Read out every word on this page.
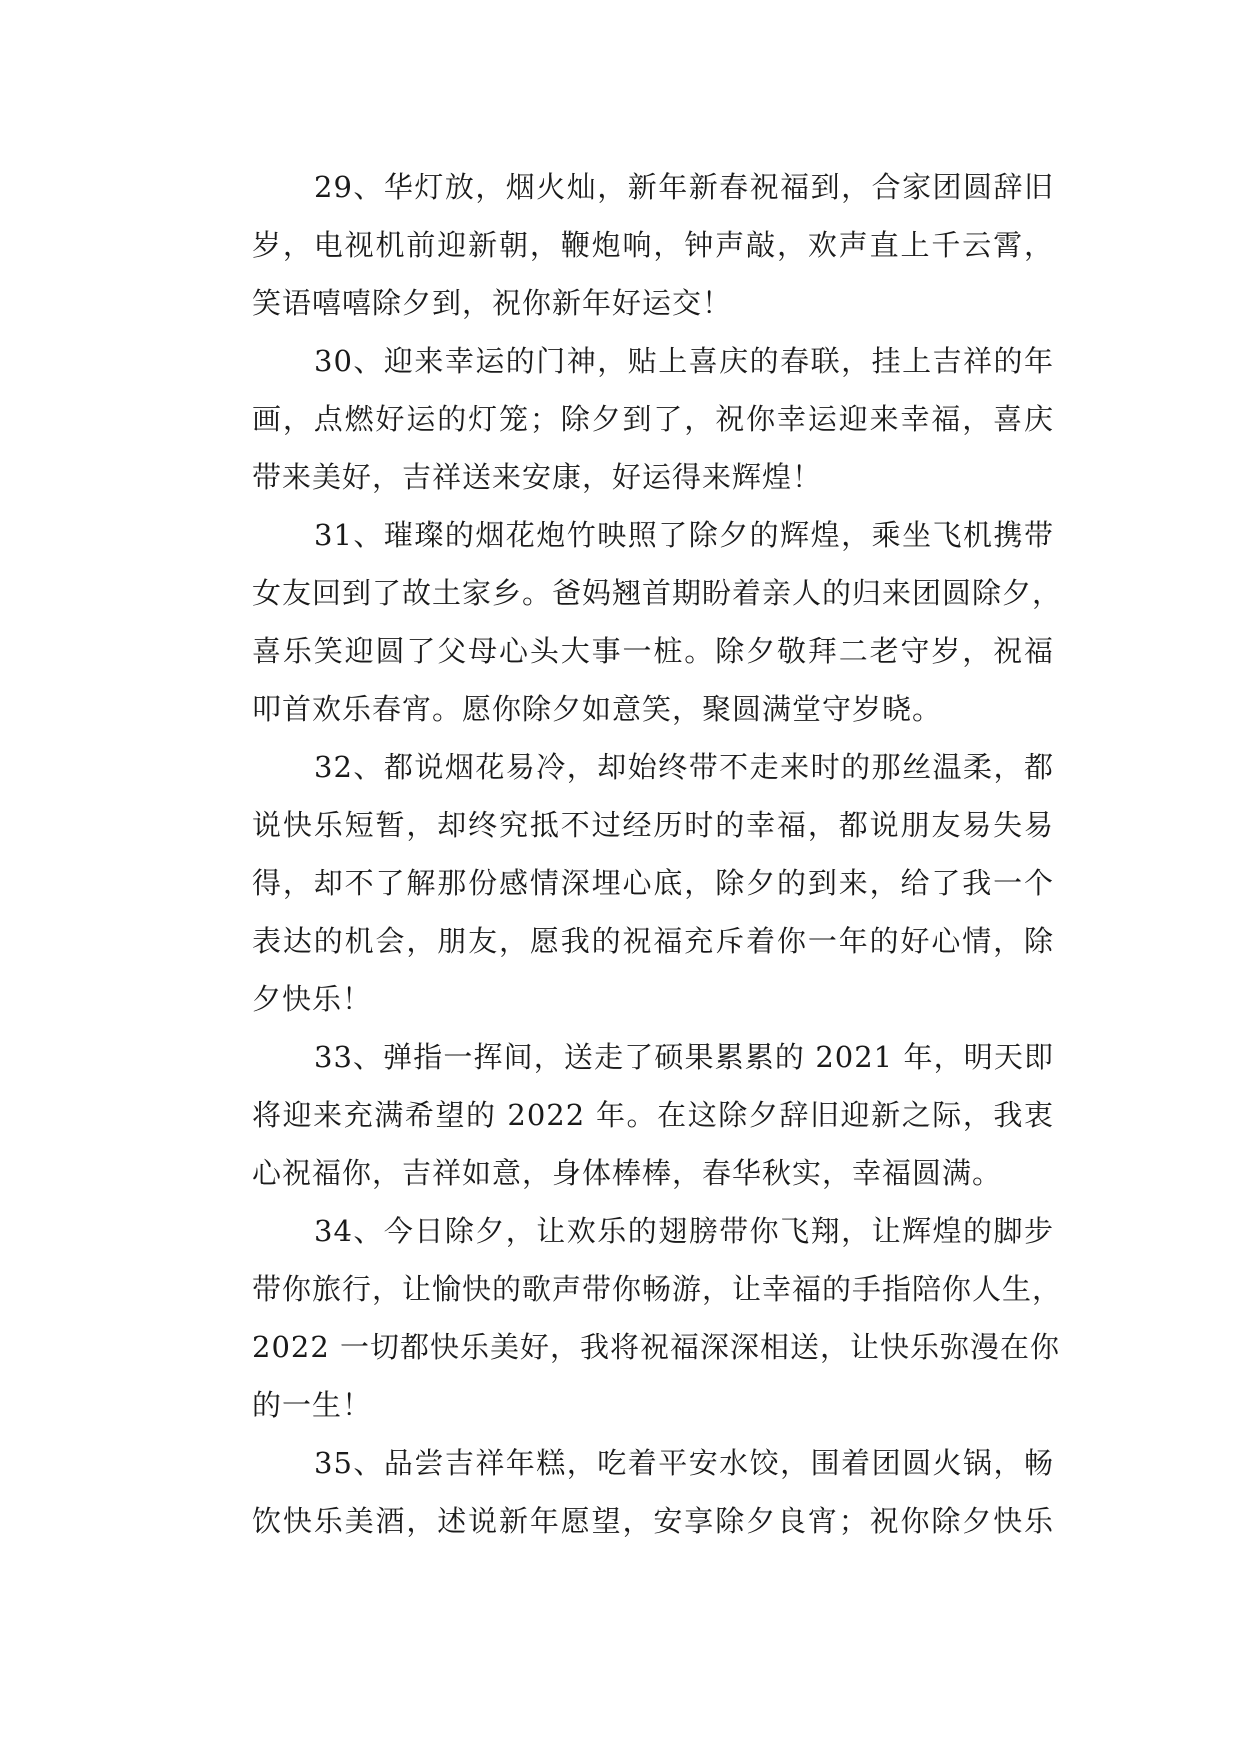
29、华灯放，烟火灿，新年新春祝福到，合家团圆辞旧
岁，电视机前迎新朝，鞭炮响，钟声敲，欢声直上千云霄，
笑语嘻嘻除夕到，祝你新年好运交！
30、迎来幸运的门神，贴上喜庆的春联，挂上吉祥的年
画，点燃好运的灯笼；除夕到了，祝你幸运迎来幸福，喜庆
带来美好，吉祥送来安康，好运得来辉煌！
31、璀璨的烟花炮竹映照了除夕的辉煌，乘坐飞机携带
女友回到了故土家乡。爸妈翘首期盼着亲人的归来团圆除夕，
喜乐笑迎圆了父母心头大事一桩。除夕敬拜二老守岁，祝福
叩首欢乐春宵。愿你除夕如意笑，聚圆满堂守岁晓。
32、都说烟花易冷，却始终带不走来时的那丝温柔，都
说快乐短暂，却终究抵不过经历时的幸福，都说朋友易失易
得，却不了解那份感情深埋心底，除夕的到来，给了我一个
表达的机会，朋友，愿我的祝福充斥着你一年的好心情，除
夕快乐！
33、弹指一挥间，送走了硕果累累的 2021 年，明天即
将迎来充满希望的 2022 年。在这除夕辞旧迎新之际，我衷
心祝福你，吉祥如意，身体棒棒，春华秋实，幸福圆满。
34、今日除夕，让欢乐的翅膀带你飞翔，让辉煌的脚步
带你旅行，让愉快的歌声带你畅游，让幸福的手指陪你人生，
2022 一切都快乐美好，我将祝福深深相送，让快乐弥漫在你
的一生！
35、品尝吉祥年糕，吃着平安水饺，围着团圆火锅，畅
饮快乐美酒，述说新年愿望，安享除夕良宵；祝你除夕快乐
